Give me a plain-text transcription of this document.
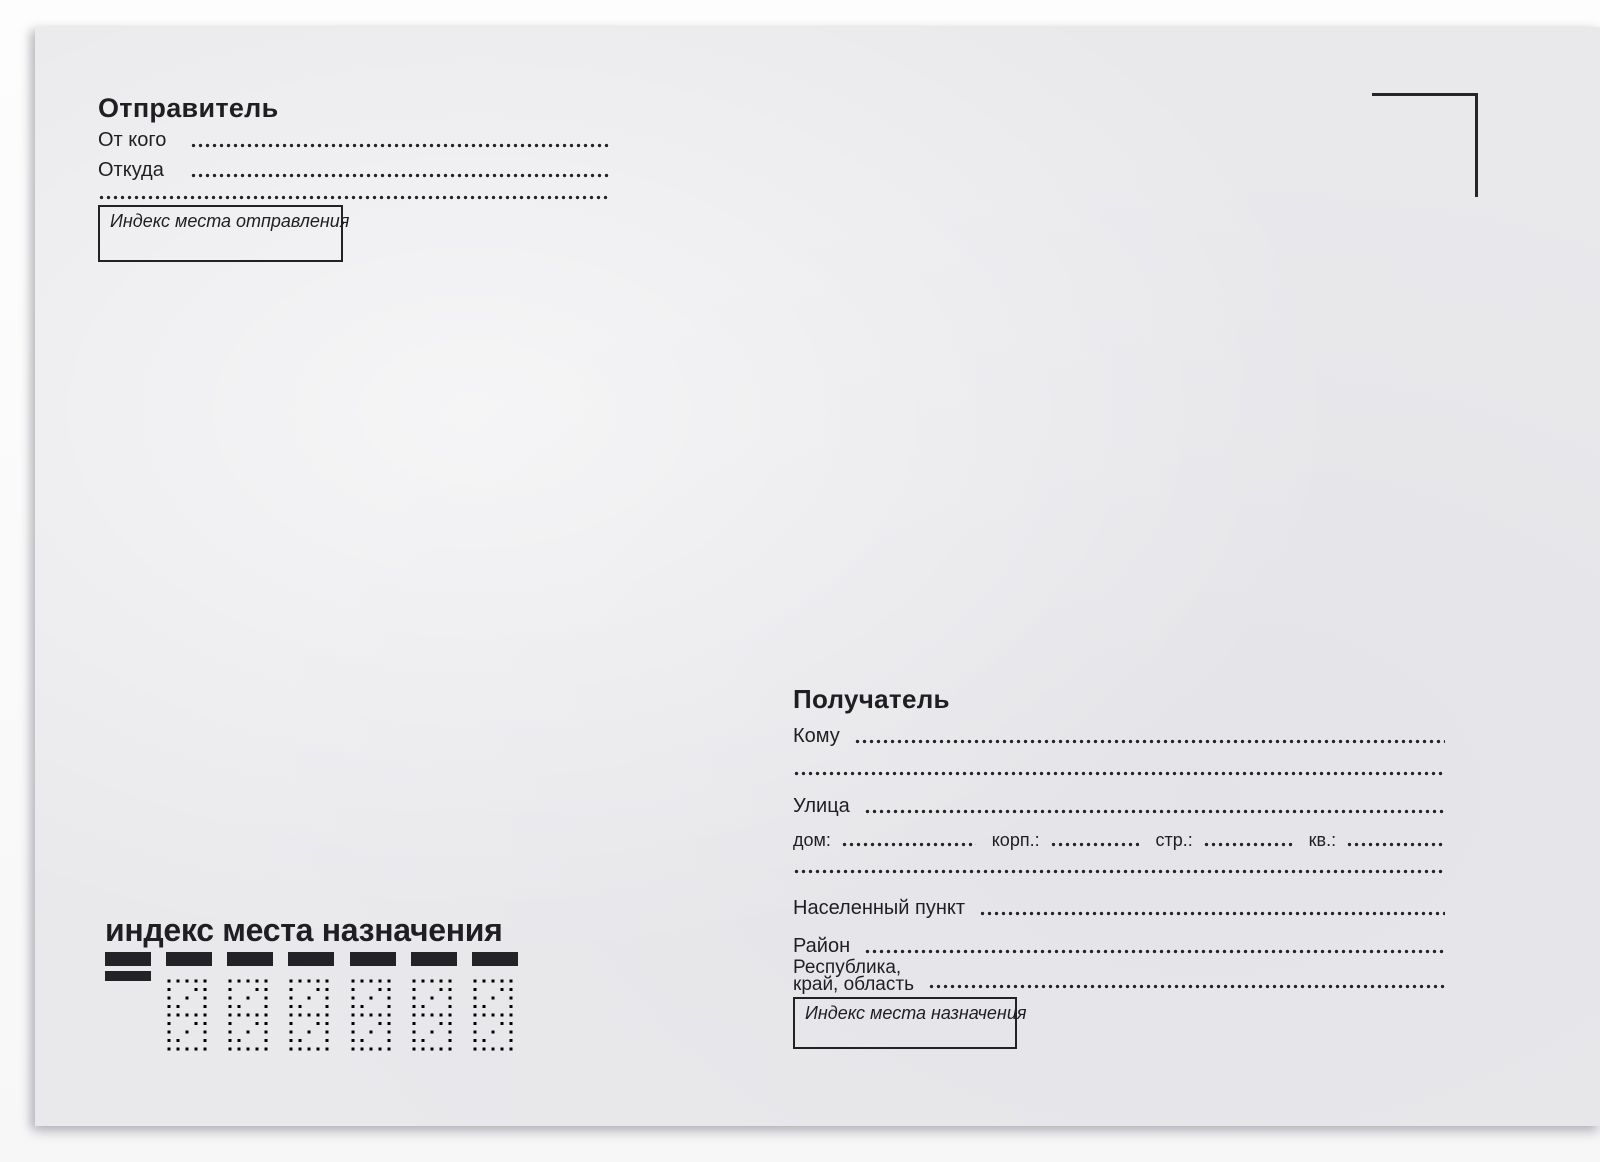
Отправитель
От кого
Откуда
Индекс места отправления
Получатель
Кому
Улица
дом:	корп.:	стр.:	кв.:
Населенный пункт
Район
Республика,
край, область
Индекс места назначения
индекс места назначения
